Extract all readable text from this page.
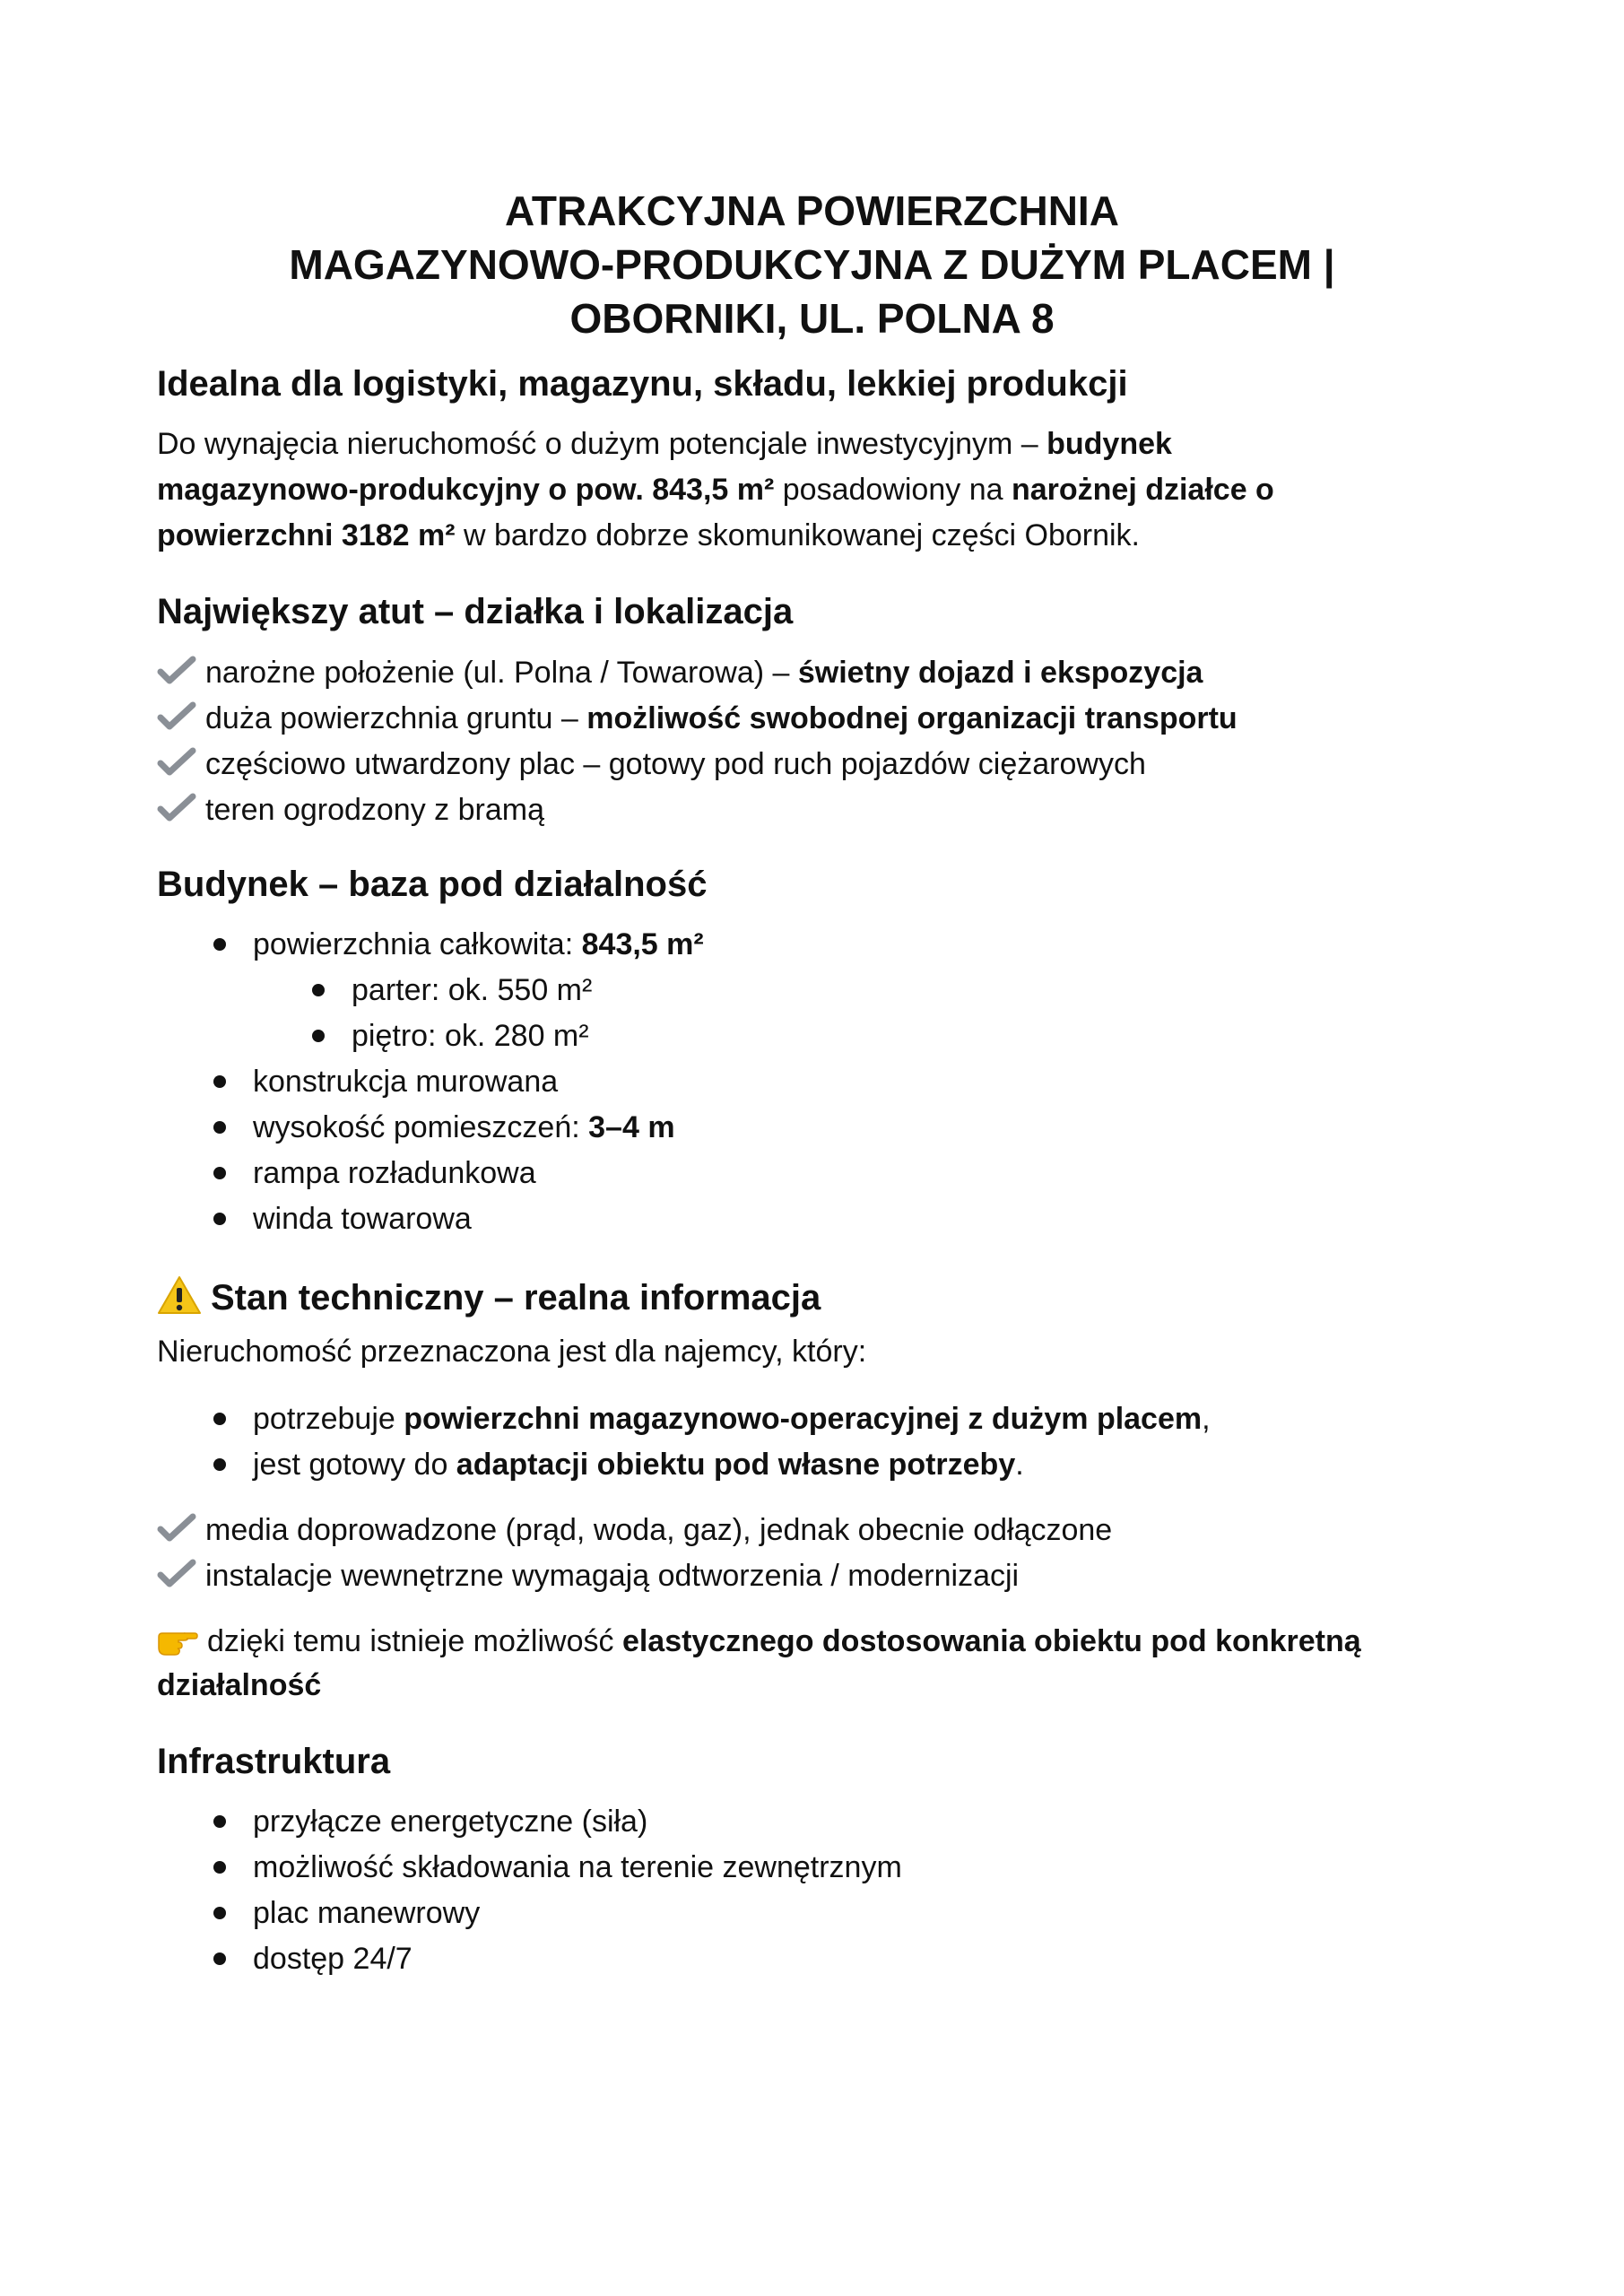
ATRAKCYJNA POWIERZCHNIA
MAGAZYNOWO-PRODUKCYJNA Z DUŻYM PLACEM |
OBORNIKI, UL. POLNA 8
Idealna dla logistyki, magazynu, składu, lekkiej produkcji
Do wynajęcia nieruchomość o dużym potencjale inwestycyjnym – budynek
magazynowo-produkcyjny o pow. 843,5 m² posadowiony na narożnej działce o
powierzchni 3182 m² w bardzo dobrze skomunikowanej części Obornik.
Największy atut – działka i lokalizacja
narożne położenie (ul. Polna / Towarowa) – świetny dojazd i ekspozycja
duża powierzchnia gruntu – możliwość swobodnej organizacji transportu
częściowo utwardzony plac – gotowy pod ruch pojazdów ciężarowych
teren ogrodzony z bramą
Budynek – baza pod działalność
powierzchnia całkowita: 843,5 m²
parter: ok. 550 m²
piętro: ok. 280 m²
konstrukcja murowana
wysokość pomieszczeń: 3–4 m
rampa rozładunkowa
winda towarowa
Stan techniczny – realna informacja
Nieruchomość przeznaczona jest dla najemcy, który:
potrzebuje powierzchni magazynowo-operacyjnej z dużym placem,
jest gotowy do adaptacji obiektu pod własne potrzeby.
media doprowadzone (prąd, woda, gaz), jednak obecnie odłączone
instalacje wewnętrzne wymagają odtworzenia / modernizacji
dzięki temu istnieje możliwość elastycznego dostosowania obiektu pod konkretną
działalność
Infrastruktura
przyłącze energetyczne (siła)
możliwość składowania na terenie zewnętrznym
plac manewrowy
dostęp 24/7
